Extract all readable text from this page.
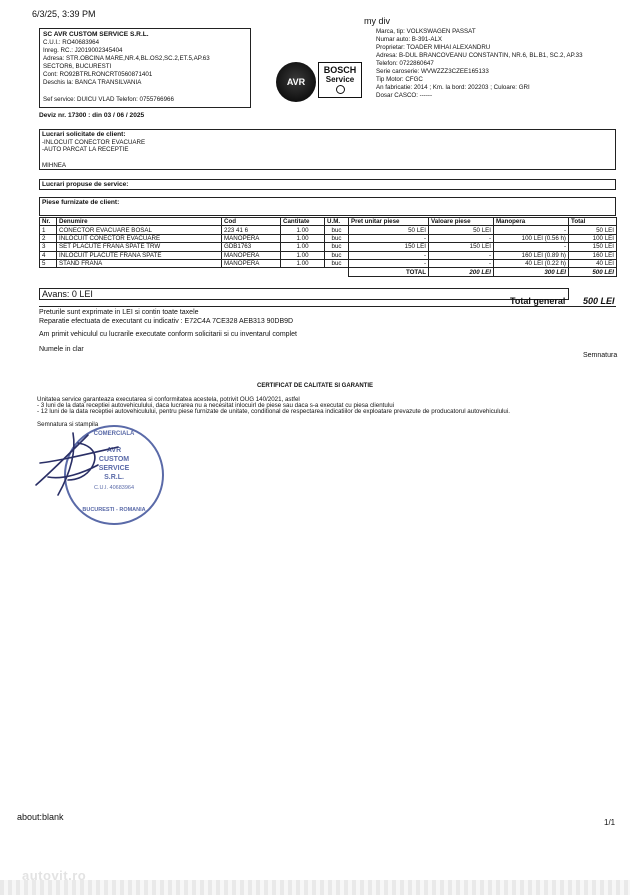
6/3/25, 3:39 PM
my div
SC AVR CUSTOM SERVICE S.R.L.
C.U.I.: RO40683964
Inreg. RC.: J2019002345404
Adresa: STR.OBCINA MARE,NR.4,BL.OS2,SC.2,ET.5,AP.63
SECTOR6, BUCURESTI
Cont: RO92BTRLRONCRT0560871401
Deschis la: BANCA TRANSILVANIA
Sef service: DUICU VLAD Telefon: 0755766966
AVR
BOSCH
Service
Marca, tip: VOLKSWAGEN PASSAT
Numar auto: B-391-ALX
Proprietar: TOADER MIHAI ALEXANDRU
Adresa: B-DUL BRANCOVEANU CONSTANTIN, NR.6, BL.B1, SC.2, AP.33
Telefon: 0722860647
Serie caroserie: WVWZZZ3CZEE165133
Tip Motor: CFGC
An fabricatie: 2014 ; Km. la bord: 202203 ; Culoare: GRI
Dosar CASCO: ------
Deviz nr. 17300 : din 03 / 06 / 2025
Lucrari solicitate de client:
-INLOCUIT CONECTOR EVACUARE
-AUTO PARCAT LA RECEPTIE
MIHNEA
Lucrari propuse de service:
Piese furnizate de client:
Nr.	Denumire	Cod	Cantitate	U.M.	Pret unitar piese	Valoare piese	Manopera	Total
1	CONECTOR EVACUARE BOSAL	223 41 6	1.00	buc	50 LEI	50 LEI	-	50 LEI
2	INLOCUIT CONECTOR EVACUARE	MANOPERA	1.00	buc	-	-	100 LEI (0.56 h)	100 LEI
3	SET PLACUTE FRANA SPATE TRW	GDB1763	1.00	buc	150 LEI	150 LEI	-	150 LEI
4	INLOCUIT PLACUTE FRANA SPATE	MANOPERA	1.00	buc	-	-	160 LEI (0.89 h)	160 LEI
5	STAND FRANA	MANOPERA	1.00	buc	-	-	40 LEI (0.22 h)	40 LEI
					TOTAL	200 LEI	300 LEI	500 LEI
Avans: 0 LEI
Total general 500 LEI
Preturile sunt exprimate in LEI si contin toate taxele
Reparatie efectuata de executant cu indicativ : E72C4A 7CE328 AEB313 90DB9D
Am primit vehiculul cu lucrarile executate conform solicitarii si cu inventarul complet
Numele in clar
Semnatura
CERTIFICAT DE CALITATE SI GARANTIE
Unitatea service garanteaza executarea si conformitatea acestela, potrivit OUG 140/2021, astfel
- 3 luni de la data receptiei autovehiculului, daca lucrarea nu a necesitat inlocuirl de piese sau daca s-a executat cu piesa clientului
- 12 luni de la data receptiei autovehiculului, pentru piese furnizate de unitate, conditional de respectarea indicatiilor de exploatare prevazute de producatorul autovehiculului.
Semnatura si stampila
COMERCIALA
AVR
CUSTOM
SERVICE
S.R.L.
C.U.I. 40683964
BUCURESTI - ROMANIA
about:blank
1/1
autovit.ro
